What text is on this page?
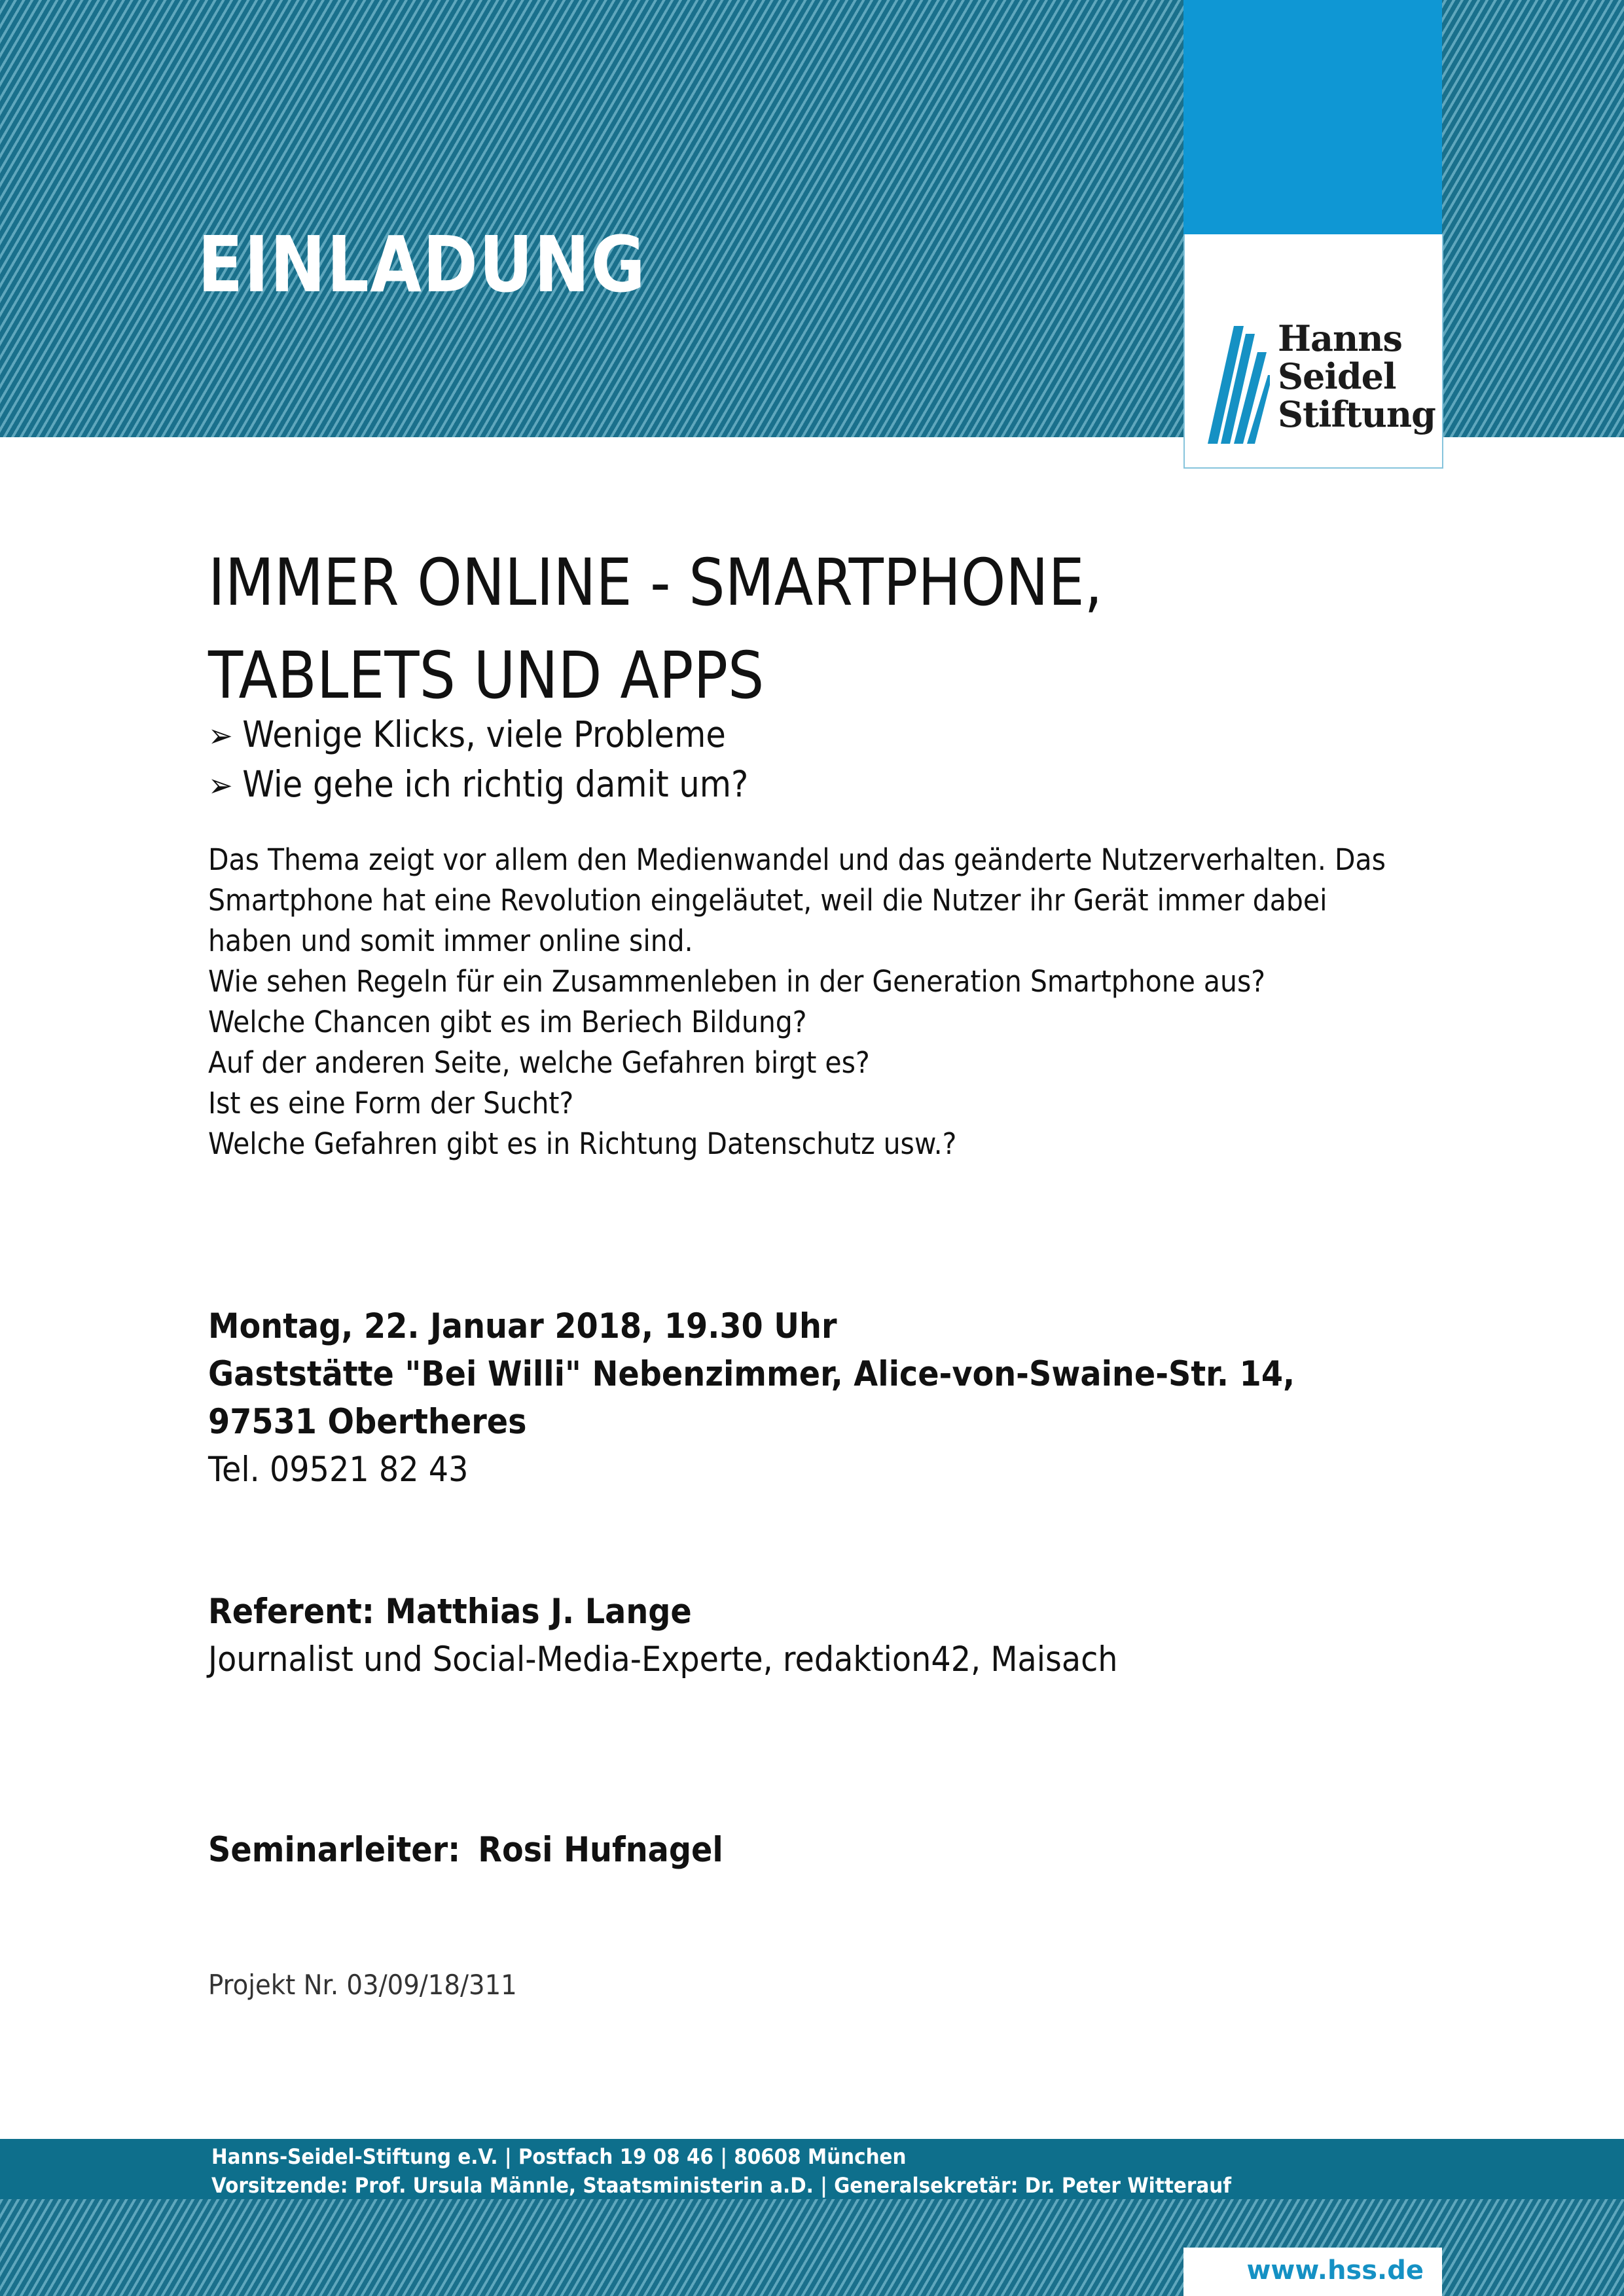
EINLADUNG
Hanns
Seidel
Stiftung
IMMER ONLINE - SMARTPHONE,
TABLETS UND APPS
➢ Wenige Klicks, viele Probleme
➢ Wie gehe ich richtig damit um?
Das Thema zeigt vor allem den Medienwandel und das geänderte Nutzerverhalten. Das
Smartphone hat eine Revolution eingeläutet, weil die Nutzer ihr Gerät immer dabei
haben und somit immer online sind.
Wie sehen Regeln für ein Zusammenleben in der Generation Smartphone aus?
Welche Chancen gibt es im Beriech Bildung?
Auf der anderen Seite, welche Gefahren birgt es?
Ist es eine Form der Sucht?
Welche Gefahren gibt es in Richtung Datenschutz usw.?
Montag, 22. Januar 2018, 19.30 Uhr
Gaststätte "Bei Willi" Nebenzimmer, Alice-von-Swaine-Str. 14,
97531 Obertheres
Tel. 09521 82 43
Referent: Matthias J. Lange
Journalist und Social-Media-Experte, redaktion42, Maisach
Seminarleiter: Rosi Hufnagel
Projekt Nr. 03/09/18/311
Hanns-Seidel-Stiftung e.V. | Postfach 19 08 46 | 80608 München
Vorsitzende: Prof. Ursula Männle, Staatsministerin a.D. | Generalsekretär: Dr. Peter Witterauf
www.hss.de
